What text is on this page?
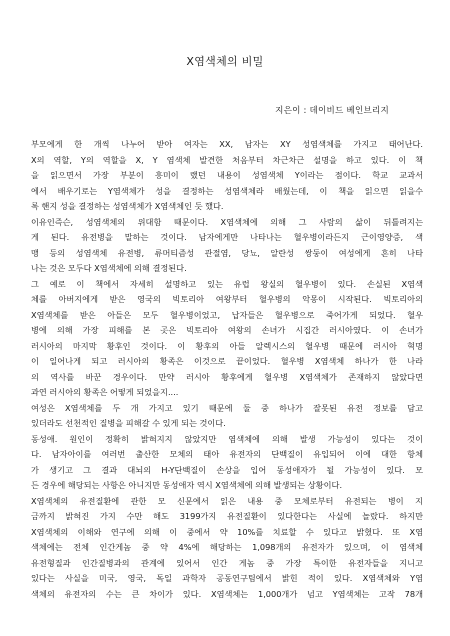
X염색체의 비밀
지은이 : 데이비드 베인브리지
부모에게 한 개씩 나누어 받아 여자는 XX, 남자는 XY 성염색체를 가지고 태어난다.
X의 역할, Y의 역할을 X, Y 염색체 발견한 처음부터 차근차근 설명을 하고 있다. 이 책
을 읽으면서 가장 부분이 흥미이 랬던 내용이 성염색체 Y이라는 점이다. 학교 교과서
에서 배우기로는 Y염색체가 성을 결정하는 성염색체라 배웠는데, 이 책을 읽으면 읽을수
록 핸지 성을 결정하는 성염색체가 X염색체인 듯 했다.
이유인즉슨, 성염색체의 위대함 때문이다. X염색체에 의해 그 사람의 삶이 뒤틀려지는
게 된다. 유전병을 말하는 것이다. 남자에게만 나타나는 혈우병이라든지 근이영양증, 색
맹 등의 성염색체 유전병, 류머티즘성 관절염, 당뇨, 알란성 쌍둥이 여성에게 흔히 나타
나는 것은 모두다 X염색체에 의해 결정된다.
그 예로 이 책에서 자세히 설명하고 있는 유럽 왕실의 혈우병이 있다. 손실된 X염색
체를 아버지에게 받은 영국의 빅토리아 여왕부터 혈우병의 악몽이 시작된다. 빅토리아의
X염색체를 받은 아들은 모두 혈우병이었고, 납자들은 혈우병으로 죽어가게 되었다. 혈우
병에 의해 가장 피해를 본 곳은 빅토리아 여왕의 손녀가 시집간 러시아였다. 이 손녀가
러시아의 마지막 황후인 것이다. 이 황후의 아들 알렉시스의 혈우병 때문에 러시아 혁명
이 일어나게 되고 러시아의 황족은 이것으로 끝이었다. 혈우병 X염색체 하나가 한 나라
의 역사를 바꾼 경우이다. 만약 러시아 황후에게 혈우병 X염색체가 존재하지 않았다면
과연 러시아의 황족은 어떻게 되었을지....
여성은 X염색체를 두 개 가지고 있기 때문에 둘 중 하나가 잘못된 유전 정보를 담고
있더라도 선천적인 질병을 피해갈 수 있게 되는 것이다.
동성애. 원인이 정확히 밝혀지지 않았지만 염색체에 의해 발생 가능성이 있다는 것이
다. 남자아이를 여러번 출산한 모체의 태아 유전자의 단백질이 유입되어 이에 대한 항체
가 생기고 그 결과 대뇌의 H-Y단백질이 손상을 입어 동성애자가 될 가능성이 있다. 모
든 경우에 해당되는 사항은 아니지만 동성애자 역시 X염색체에 의해 발생되는 상황이다.
X염색체의 유전질환에 관한 모 신문에서 읽은 내용 중 모체로부터 유전되는 병이 지
금까지 밝혀진 가지 수만 해도 3199가지 유전질환이 있다한다는 사실에 놀랐다. 하지만
X염색체의 이해와 연구에 의해 이 중에서 약 10%를 치료할 수 있다고 밝혔다. 또 X염
색체에는 전체 인간게놈 중 약 4%에 해당하는 1,098개의 유전자가 있으며, 이 염색체
유전형질과 인간질병과의 관계에 있어서 인간 게놈 중 가장 특이한 유전자들을 지니고
있다는 사실을 미국, 영국, 독일 과학자 공동연구팀에서 밝힌 적이 있다. X염색체와 Y염
색체의 유전자의 수는 큰 차이가 있다. X염색체는 1,000개가 넘고 Y염색체는 고작 78개
